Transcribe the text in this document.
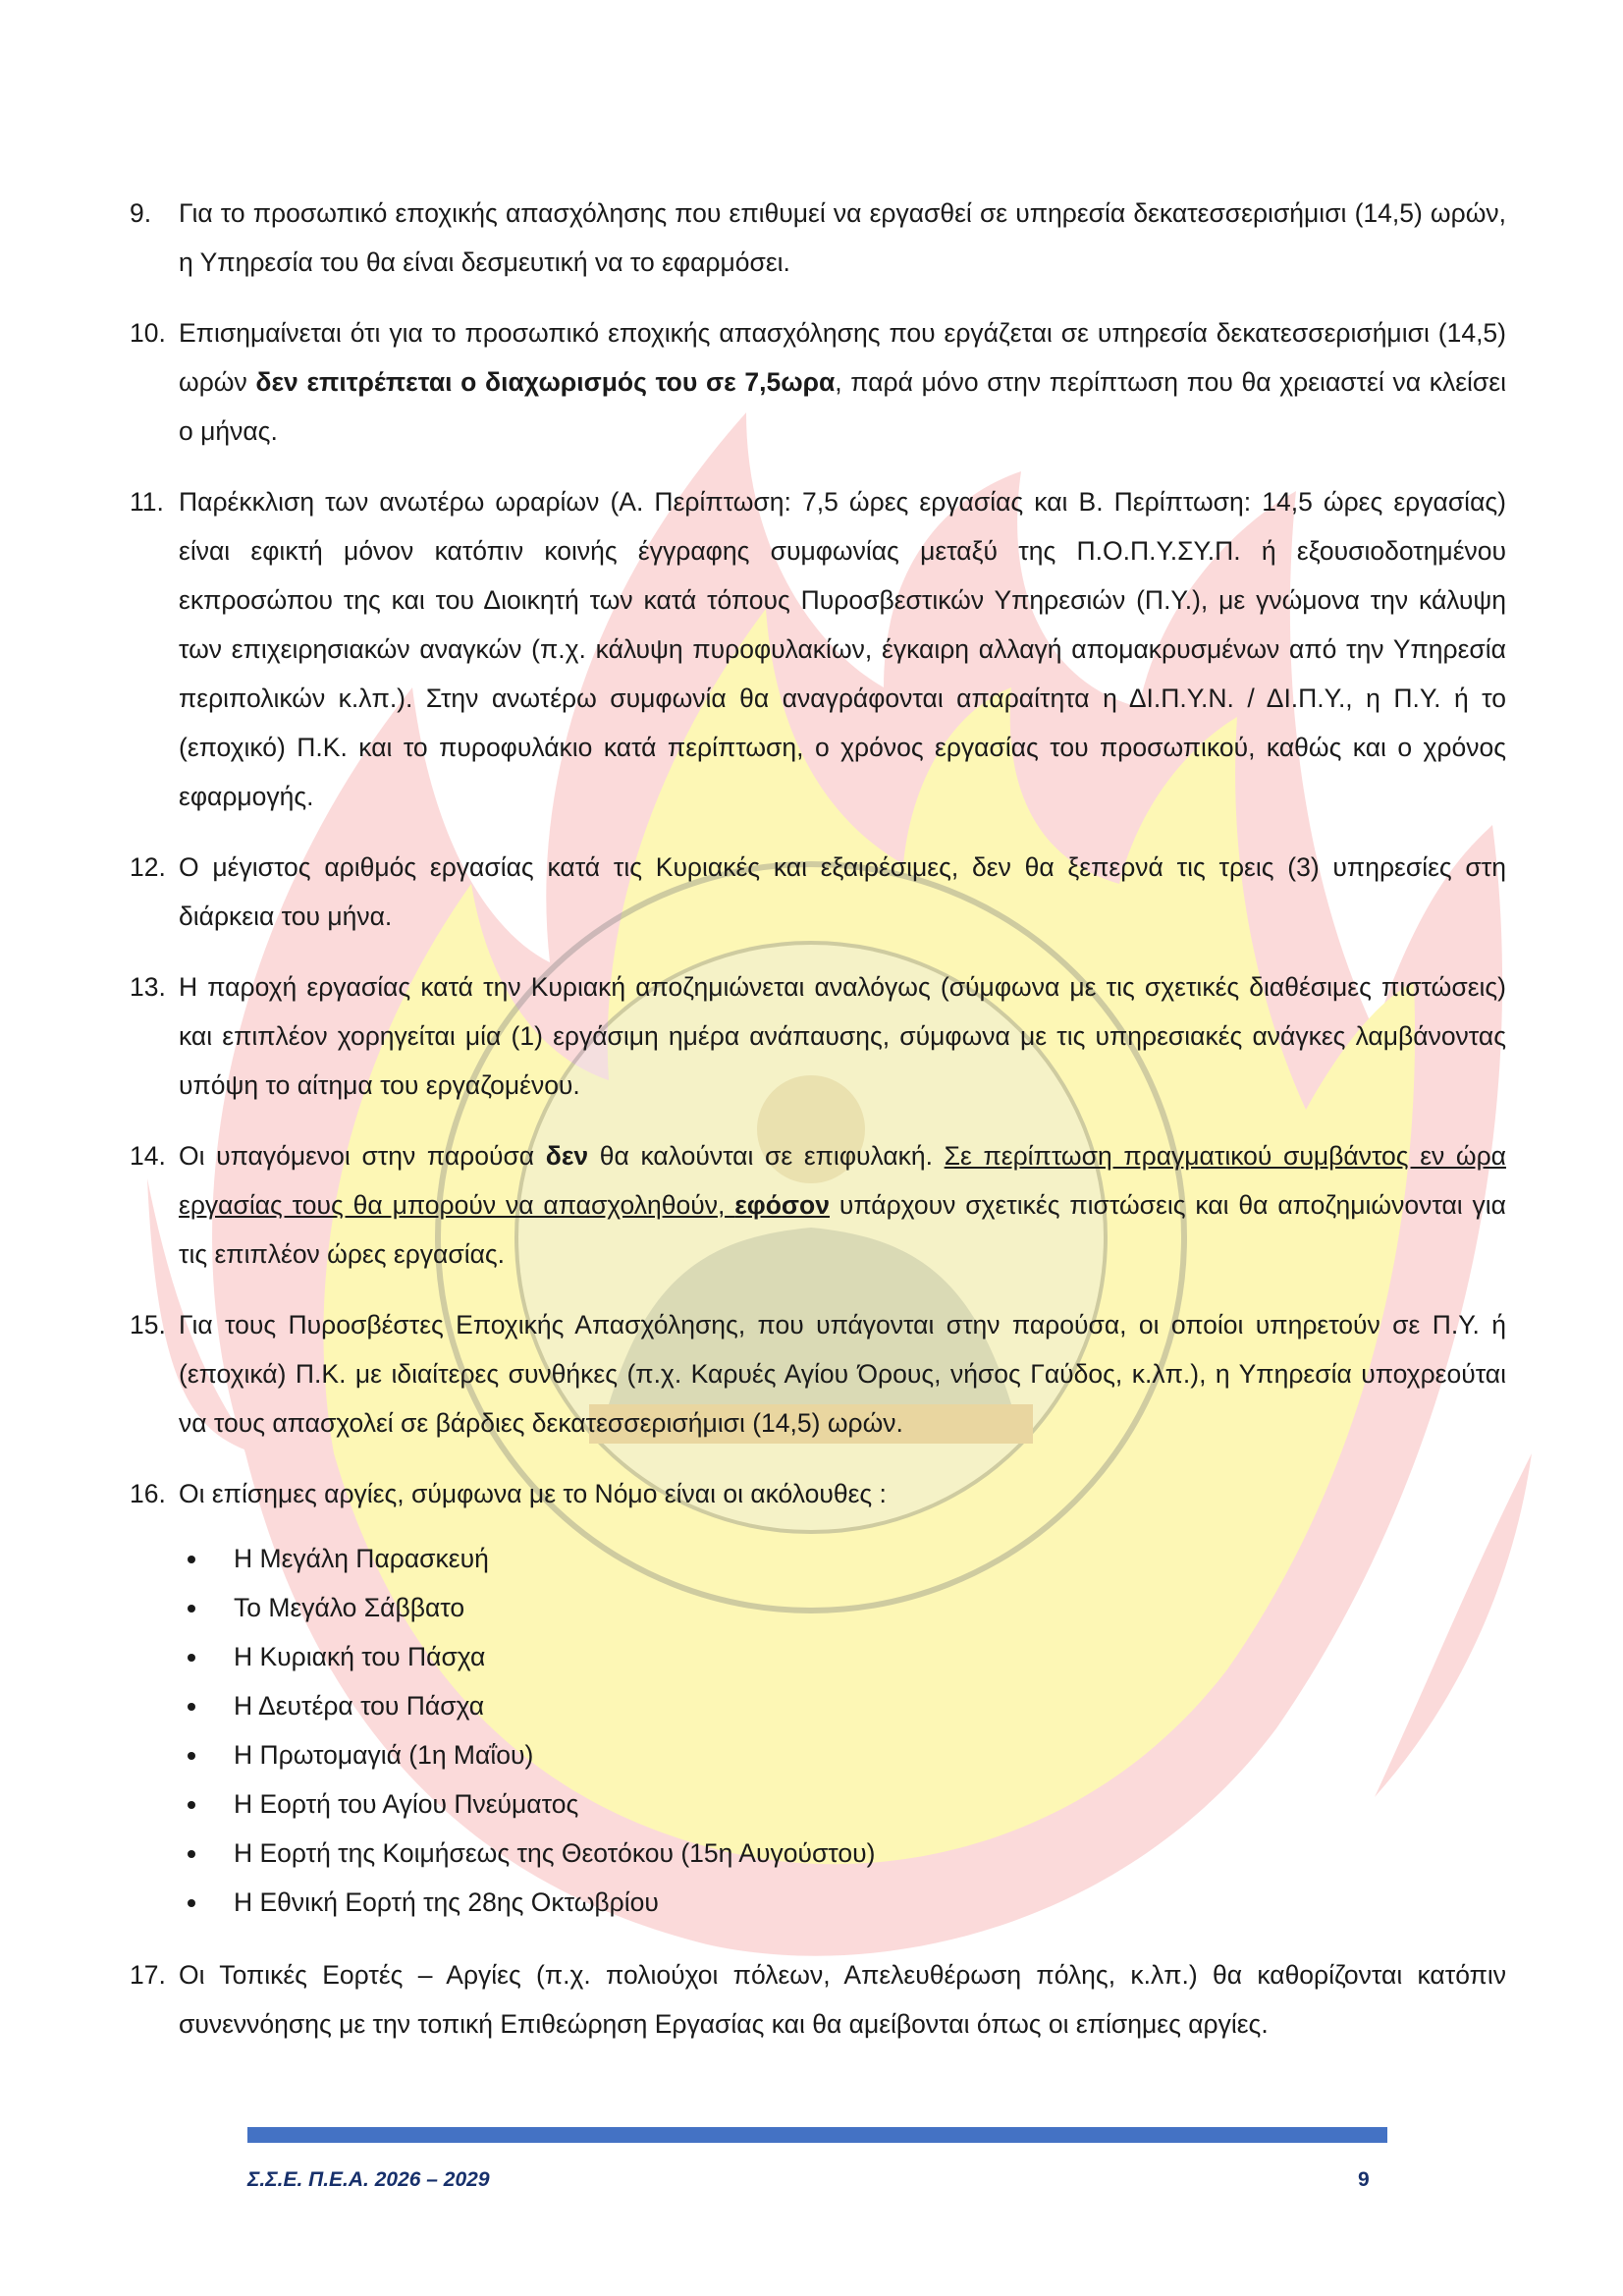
9. Για το προσωπικό εποχικής απασχόλησης που επιθυμεί να εργασθεί σε υπηρεσία δεκατεσσερισήμισι (14,5) ωρών, η Υπηρεσία του θα είναι δεσμευτική να το εφαρμόσει.
10. Επισημαίνεται ότι για το προσωπικό εποχικής απασχόλησης που εργάζεται σε υπηρεσία δεκατεσσερισήμισι (14,5) ωρών δεν επιτρέπεται ο διαχωρισμός του σε 7,5ωρα, παρά μόνο στην περίπτωση που θα χρειαστεί να κλείσει ο μήνας.
11. Παρέκκλιση των ανωτέρω ωραρίων (Α. Περίπτωση: 7,5 ώρες εργασίας και Β. Περίπτωση: 14,5 ώρες εργασίας) είναι εφικτή μόνον κατόπιν κοινής έγγραφης συμφωνίας μεταξύ της Π.Ο.Π.Υ.ΣΥ.Π. ή εξουσιοδοτημένου εκπροσώπου της και του Διοικητή των κατά τόπους Πυροσβεστικών Υπηρεσιών (Π.Υ.), με γνώμονα την κάλυψη των επιχειρησιακών αναγκών (π.χ. κάλυψη πυροφυλακίων, έγκαιρη αλλαγή απομακρυσμένων από την Υπηρεσία περιπολικών κ.λπ.). Στην ανωτέρω συμφωνία θα αναγράφονται απαραίτητα η ΔΙ.Π.Υ.Ν. / ΔΙ.Π.Υ., η Π.Υ. ή το (εποχικό) Π.Κ. και το πυροφυλάκιο κατά περίπτωση, ο χρόνος εργασίας του προσωπικού, καθώς και ο χρόνος εφαρμογής.
12. Ο μέγιστος αριθμός εργασίας κατά τις Κυριακές και εξαιρέσιμες, δεν θα ξεπερνά τις τρεις (3) υπηρεσίες στη διάρκεια του μήνα.
13. Η παροχή εργασίας κατά την Κυριακή αποζημιώνεται αναλόγως (σύμφωνα με τις σχετικές διαθέσιμες πιστώσεις) και επιπλέον χορηγείται μία (1) εργάσιμη ημέρα ανάπαυσης, σύμφωνα με τις υπηρεσιακές ανάγκες λαμβάνοντας υπόψη το αίτημα του εργαζομένου.
14. Οι υπαγόμενοι στην παρούσα δεν θα καλούνται σε επιφυλακή. Σε περίπτωση πραγματικού συμβάντος εν ώρα εργασίας τους θα μπορούν να απασχοληθούν, εφόσον υπάρχουν σχετικές πιστώσεις και θα αποζημιώνονται για τις επιπλέον ώρες εργασίας.
15. Για τους Πυροσβέστες Εποχικής Απασχόλησης, που υπάγονται στην παρούσα, οι οποίοι υπηρετούν σε Π.Υ. ή (εποχικά) Π.Κ. με ιδιαίτερες συνθήκες (π.χ. Καρυές Αγίου Όρους, νήσος Γαύδος, κ.λπ.), η Υπηρεσία υποχρεούται να τους απασχολεί σε βάρδιες δεκατεσσερισήμισι (14,5) ωρών.
16. Οι επίσημες αργίες, σύμφωνα με το Νόμο είναι οι ακόλουθες :
Η Μεγάλη Παρασκευή
Το Μεγάλο Σάββατο
Η Κυριακή του Πάσχα
Η Δευτέρα του Πάσχα
Η Πρωτομαγιά (1η Μαΐου)
Η Εορτή του Αγίου Πνεύματος
Η Εορτή της Κοιμήσεως της Θεοτόκου (15η Αυγούστου)
Η Εθνική Εορτή της 28ης Οκτωβρίου
17. Οι Τοπικές Εορτές – Αργίες (π.χ. πολιούχοι πόλεων, Απελευθέρωση πόλης, κ.λπ.) θα καθορίζονται κατόπιν συνεννόησης με την τοπική Επιθεώρηση Εργασίας και θα αμείβονται όπως οι επίσημες αργίες.
Σ.Σ.Ε. Π.Ε.Α. 2026 – 2029	9
